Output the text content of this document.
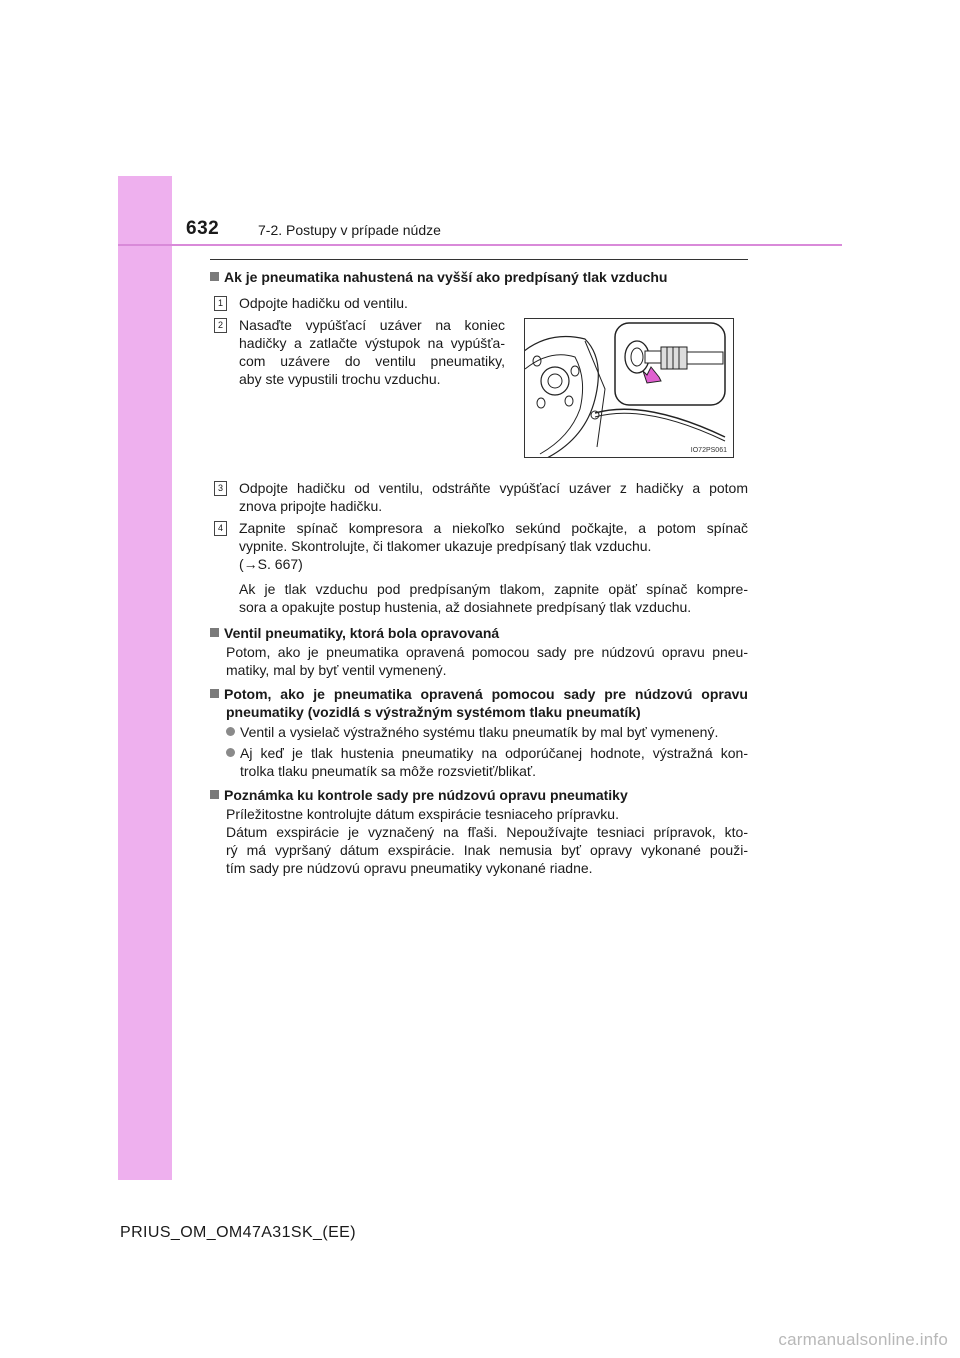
632	7-2. Postupy v prípade núdze
Ak je pneumatika nahustená na vyšší ako predpísaný tlak vzduchu
1 Odpojte hadičku od ventilu.
2 Nasaďte vypúšťací uzáver na koniec
hadičky a zatlačte výstupok na vypúšťa-
com uzávere do ventilu pneumatiky,
aby ste vypustili trochu vzduchu.
IO72PS061
3 Odpojte hadičku od ventilu, odstráňte vypúšťací uzáver z hadičky a potom
znova pripojte hadičku.
4 Zapnite spínač kompresora a niekoľko sekúnd počkajte, a potom spínač
vypnite. Skontrolujte, či tlakomer ukazuje predpísaný tlak vzduchu.
(→S. 667)
Ak je tlak vzduchu pod predpísaným tlakom, zapnite opäť spínač kompre-
sora a opakujte postup hustenia, až dosiahnete predpísaný tlak vzduchu.
Ventil pneumatiky, ktorá bola opravovaná
Potom, ako je pneumatika opravená pomocou sady pre núdzovú opravu pneu-
matiky, mal by byť ventil vymenený.
Potom, ako je pneumatika opravená pomocou sady pre núdzovú opravu
pneumatiky (vozidlá s výstražným systémom tlaku pneumatík)
Ventil a vysielač výstražného systému tlaku pneumatík by mal byť vymenený.
Aj keď je tlak hustenia pneumatiky na odporúčanej hodnote, výstražná kon-
trolka tlaku pneumatík sa môže rozsvietiť/blikať.
Poznámka ku kontrole sady pre núdzovú opravu pneumatiky
Príležitostne kontrolujte dátum exspirácie tesniaceho prípravku.
Dátum exspirácie je vyznačený na fľaši. Nepoužívajte tesniaci prípravok, kto-
rý má vypršaný dátum exspirácie. Inak nemusia byť opravy vykonané použi-
tím sady pre núdzovú opravu pneumatiky vykonané riadne.
PRIUS_OM_OM47A31SK_(EE)
carmanualsonline.info
